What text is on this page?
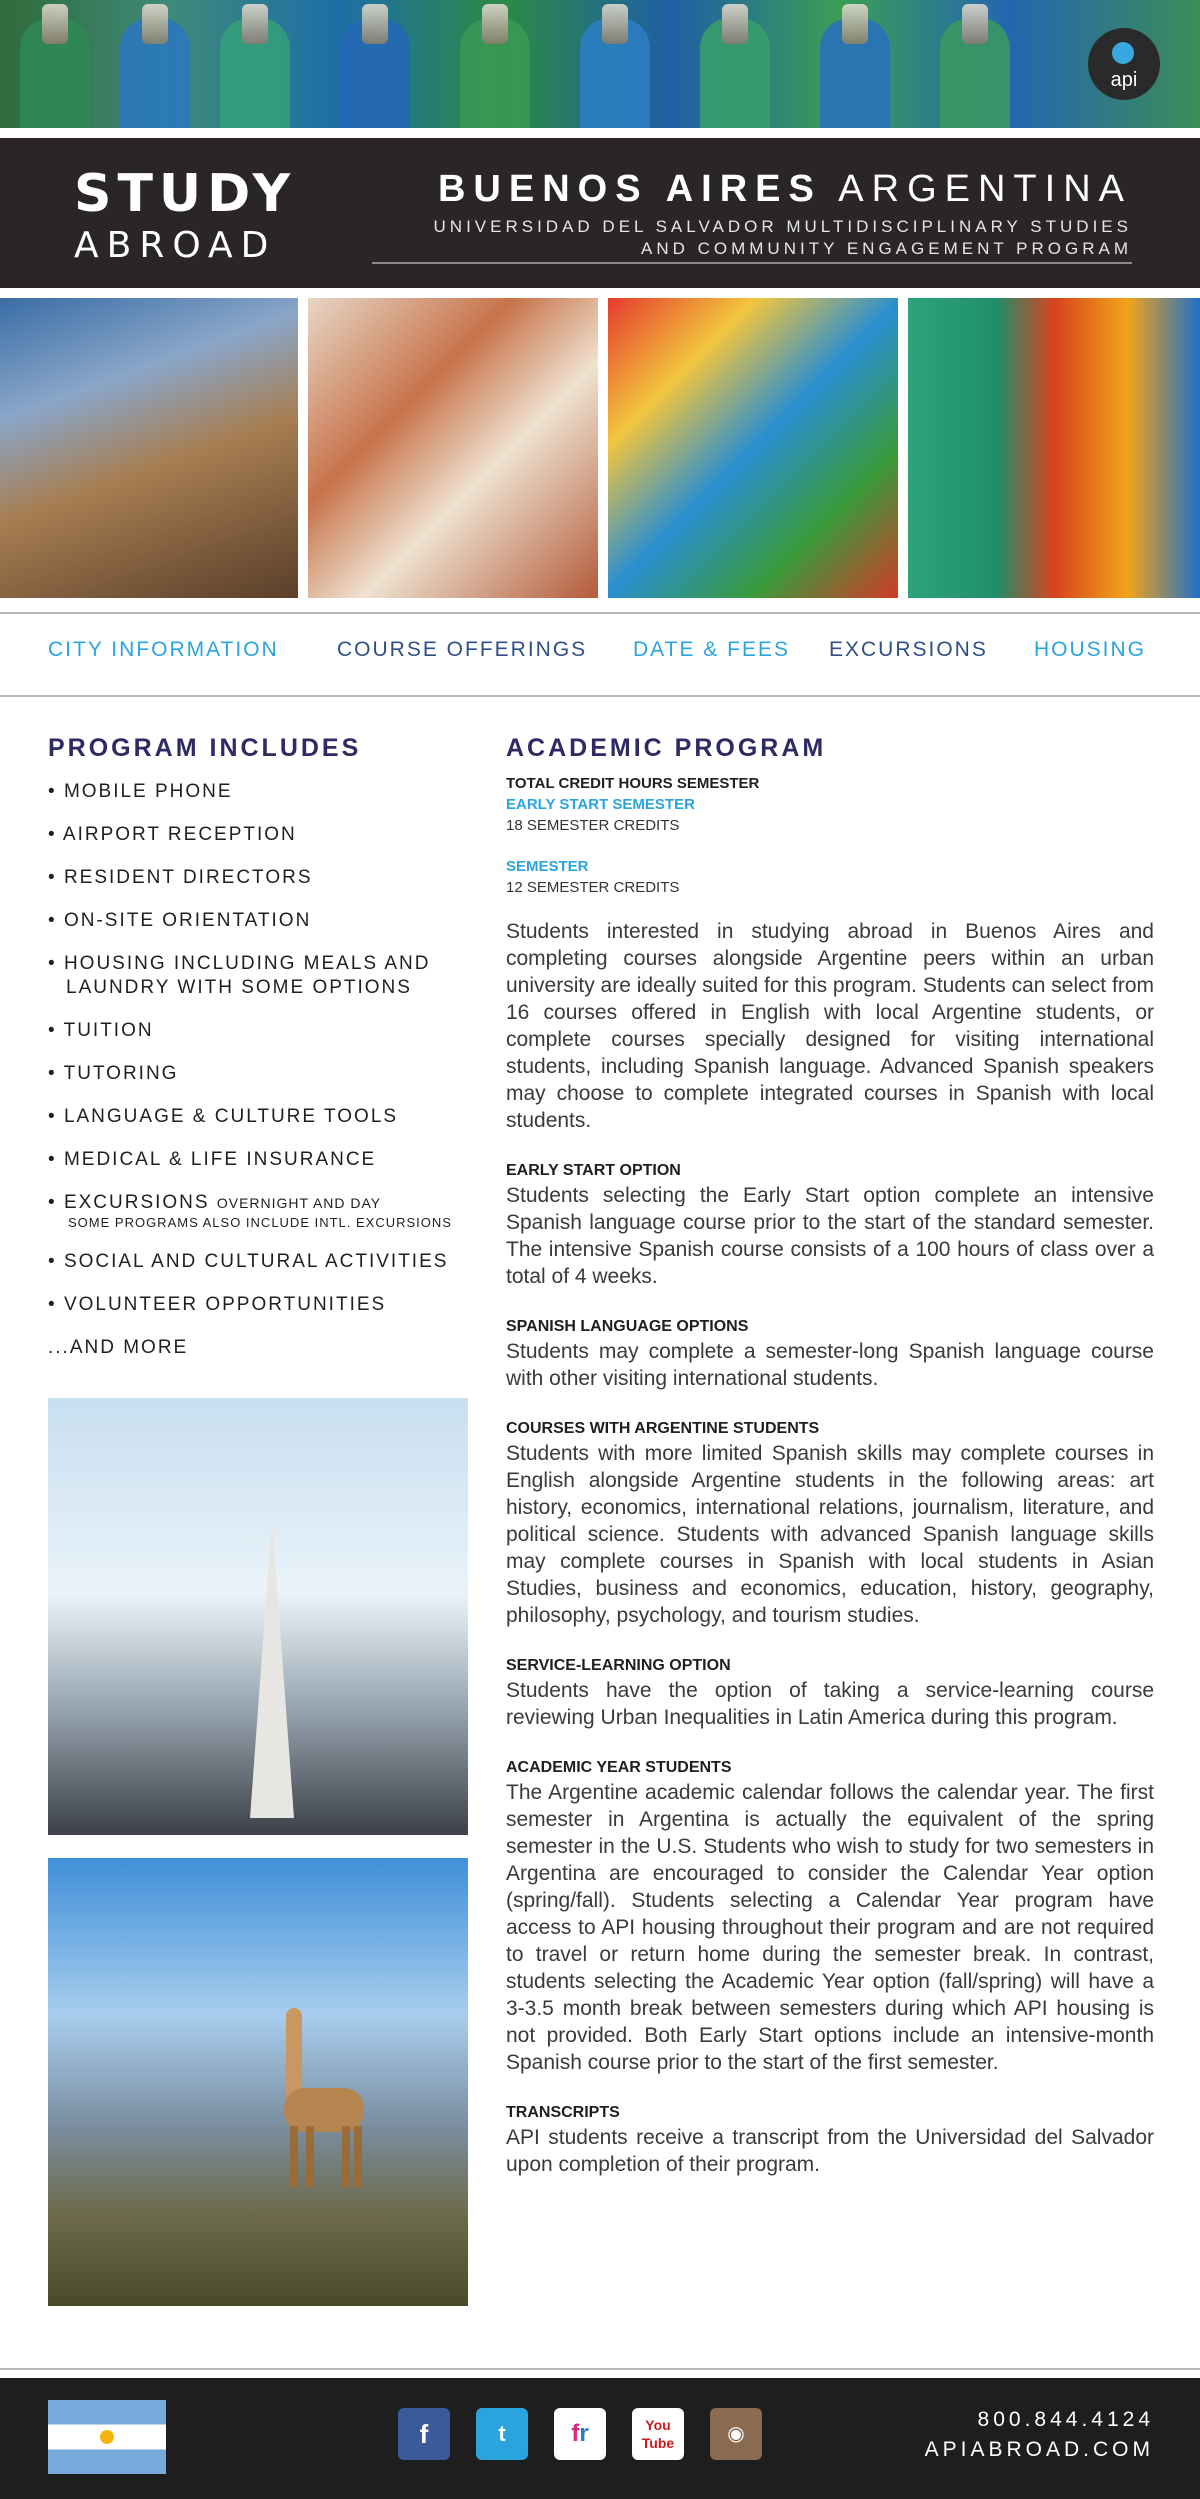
api
STUDY
ABROAD
BUENOS AIRES ARGENTINA
UNIVERSIDAD DEL SALVADOR MULTIDISCIPLINARY STUDIES
AND COMMUNITY ENGAGEMENT PROGRAM
CITY INFORMATION	COURSE OFFERINGS DATE & FEES EXCURSIONS HOUSING
PROGRAM INCLUDES
• MOBILE PHONE
• AIRPORT RECEPTION
• RESIDENT DIRECTORS
• ON-SITE ORIENTATION
• HOUSING INCLUDING MEALS AND
LAUNDRY WITH SOME OPTIONS
• TUITION
• TUTORING
• LANGUAGE & CULTURE TOOLS
• MEDICAL & LIFE INSURANCE
• EXCURSIONS OVERNIGHT AND DAY
SOME PROGRAMS ALSO INCLUDE INTL. EXCURSIONS
• SOCIAL AND CULTURAL ACTIVITIES
• VOLUNTEER OPPORTUNITIES
...AND MORE
ACADEMIC PROGRAM
TOTAL CREDIT HOURS SEMESTER
EARLY START SEMESTER
18 SEMESTER CREDITS
SEMESTER
12 SEMESTER CREDITS

Students interested in studying abroad in Buenos Aires and completing courses alongside Argentine peers within an urban university are ideally suited for this program. Students can select from 16 courses offered in English with local Argentine students, or complete courses specially designed for visiting international students, including Spanish language. Advanced Spanish speakers may choose to complete integrated courses in Spanish with local students.

EARLY START OPTION

Students selecting the Early Start option complete an intensive Spanish language course prior to the start of the standard semester. The intensive Spanish course consists of a 100 hours of class over a total of 4 weeks.

SPANISH LANGUAGE OPTIONS

Students may complete a semester-long Spanish language course with other visiting international students.

COURSES WITH ARGENTINE STUDENTS

Students with more limited Spanish skills may complete courses in English alongside Argentine students in the following areas: art history, economics, international relations, journalism, literature, and political science. Students with advanced Spanish language skills may complete courses in Spanish with local students in Asian Studies, business and economics, education, history, geography, philosophy, psychology, and tourism studies.

SERVICE-LEARNING OPTION

Students have the option of taking a service-learning course reviewing Urban Inequalities in Latin America during this program.

ACADEMIC YEAR STUDENTS

The Argentine academic calendar follows the calendar year. The first semester in Argentina is actually the equivalent of the spring semester in the U.S. Students who wish to study for two semesters in Argentina are encouraged to consider the Calendar Year option (spring/fall). Students selecting a Calendar Year program have access to API housing throughout their program and are not required to travel or return home during the semester break. In contrast, students selecting the Academic Year option (fall/spring) will have a 3-3.5 month break between semesters during which API housing is not provided. Both Early Start options include an intensive-month Spanish course prior to the start of the first semester.

TRANSCRIPTS

API students receive a transcript from the Universidad del Salvador upon completion of their program.

f	t	fr	You
Tube	◉
800.844.4124
APIABROAD.COM
